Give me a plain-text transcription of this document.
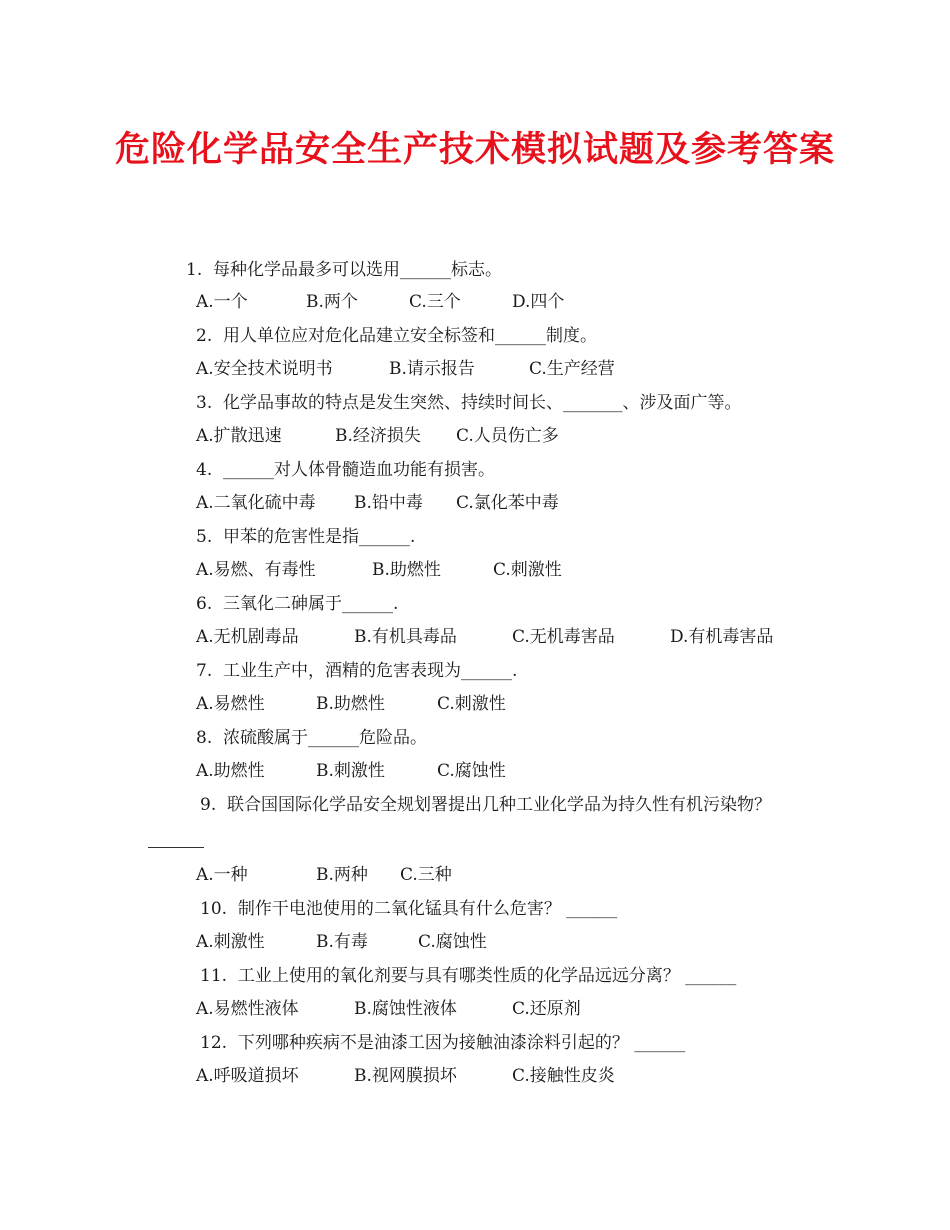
危险化学品安全生产技术模拟试题及参考答案
1.  每种化学品最多可以选用______标志。
A.一个	B.两个	C.三个	D.四个
2.  用人单位应对危化品建立安全标签和______制度。
A.安全技术说明书	B.请示报告	C.生产经营
3.  化学品事故的特点是发生突然、持续时间长、_______、涉及面广等。
A.扩散迅速	B.经济损失 C.人员伤亡多
4.  ______对人体骨髓造血功能有损害。
A.二氧化硫中毒 B.铅中毒 C.氯化苯中毒
5.  甲苯的危害性是指______.
A.易燃、有毒性	B.助燃性	C.刺激性
6.  三氧化二砷属于______.
A.无机剧毒品	B.有机具毒品	C.无机毒害品	D.有机毒害品
7.  工业生产中，酒精的危害表现为______.
A.易燃性	B.助燃性	C.刺激性
8.  浓硫酸属于______危险品。
A.助燃性	B.刺激性	C.腐蚀性
9.  联合国国际化学品安全规划署提出几种工业化学品为持久性有机污染物？
A.一种	B.两种 C.三种
10.  制作干电池使用的二氧化锰具有什么危害？ ______
A.刺激性	B.有毒	C.腐蚀性
11.  工业上使用的氧化剂要与具有哪类性质的化学品远远分离？ ______
A.易燃性液体	B.腐蚀性液体	C.还原剂
12.  下列哪种疾病不是油漆工因为接触油漆涂料引起的？ ______
A.呼吸道损坏	B.视网膜损坏	C.接触性皮炎
